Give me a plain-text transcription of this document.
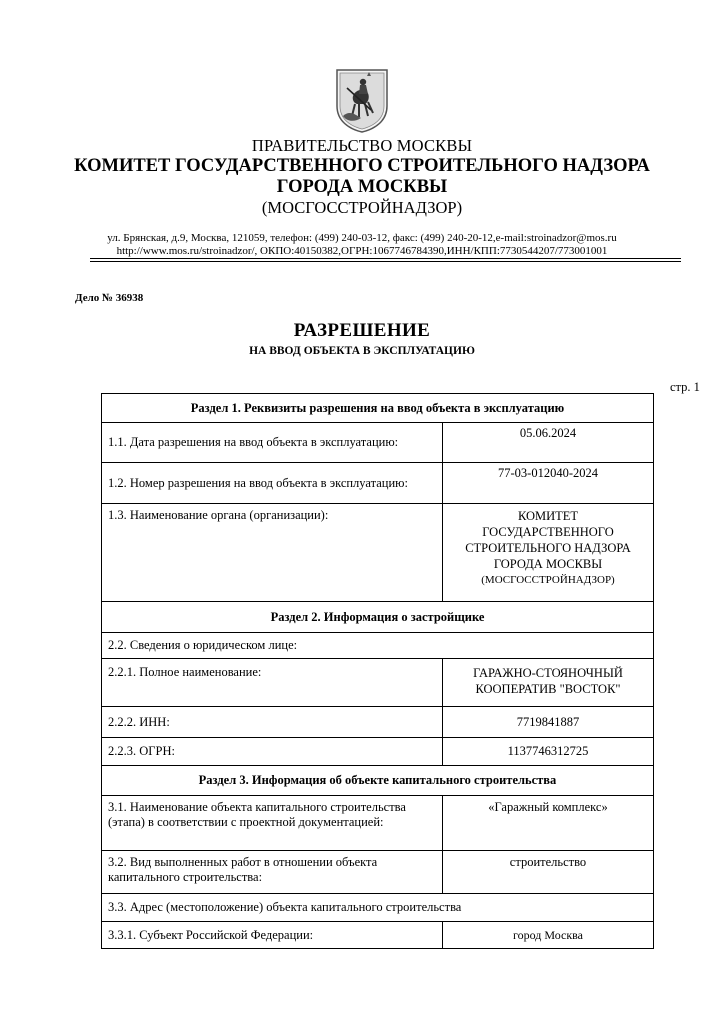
ПРАВИТЕЛЬСТВО МОСКВЫ
КОМИТЕТ ГОСУДАРСТВЕННОГО СТРОИТЕЛЬНОГО НАДЗОРА
ГОРОДА МОСКВЫ
(МОСГОССТРОЙНАДЗОР)
ул. Брянская, д.9, Москва, 121059, телефон: (499) 240-03-12, факс: (499) 240-20-12,e-mail:stroinadzor@mos.ru
http://www.mos.ru/stroinadzor/, ОКПО:40150382,ОГРН:1067746784390,ИНН/КПП:7730544207/773001001
Дело № 36938
РАЗРЕШЕНИЕ
НА ВВОД ОБЪЕКТА В ЭКСПЛУАТАЦИЮ
стр. 1
Раздел 1. Реквизиты разрешения на ввод объекта в эксплуатацию	
1.1. Дата разрешения на ввод объекта в эксплуатацию:	05.06.2024
1.2. Номер разрешения на ввод объекта в эксплуатацию:	77-03-012040-2024
1.3. Наименование органа (организации):	КОМИТЕТ
ГОСУДАРСТВЕННОГО
СТРОИТЕЛЬНОГО НАДЗОРА
ГОРОДА МОСКВЫ
(МОСГОССТРОЙНАДЗОР)

Раздел 2. Информация о застройщике	
2.2. Сведения о юридическом лице:	
2.2.1. Полное наименование:	ГАРАЖНО-СТОЯНОЧНЫЙ
КООПЕРАТИВ "ВОСТОК"

2.2.2. ИНН:	7719841887
2.2.3. ОГРН:	1137746312725
Раздел 3. Информация об объекте капитального строительства	
3.1. Наименование объекта капитального строительства (этапа) в соответствии с проектной документацией:	«Гаражный комплекс»
3.2. Вид выполненных работ в отношении объекта капитального строительства:	строительство
3.3. Адрес (местоположение) объекта капитального строительства	
3.3.1. Субъект Российской Федерации:	город Москва
